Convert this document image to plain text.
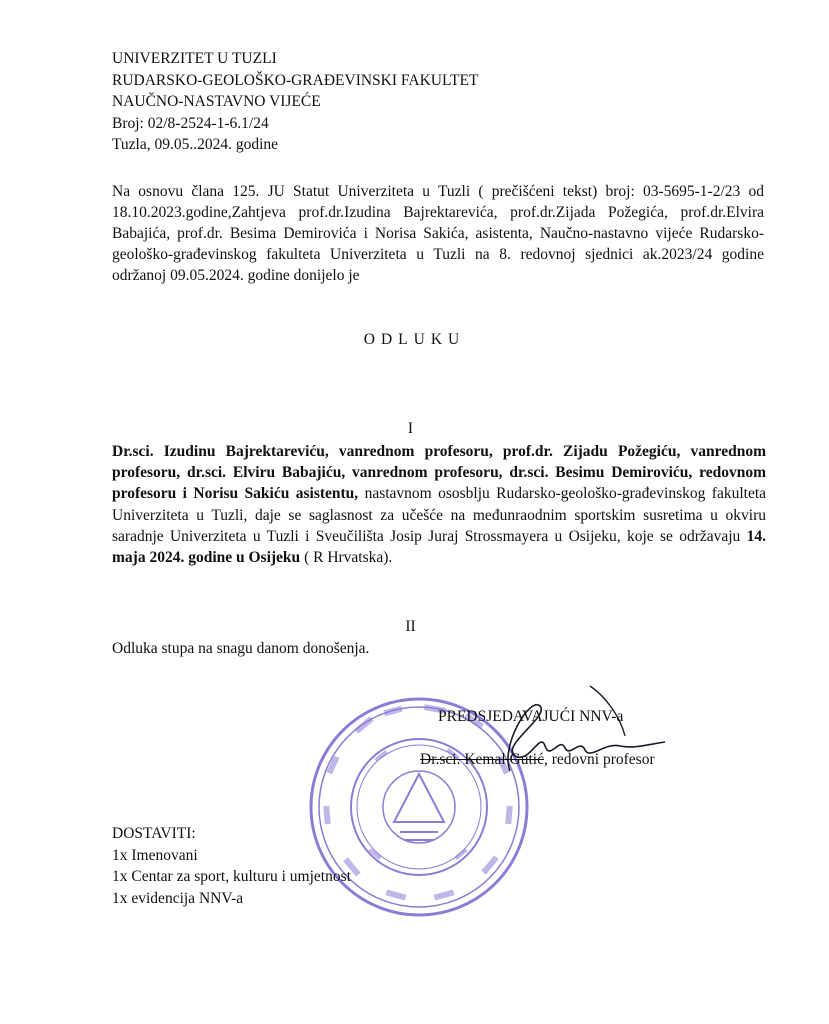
UNIVERZITET U TUZLI
RUDARSKO-GEOLOŠKO-GRAĐEVINSKI FAKULTET
NAUČNO-NASTAVNO VIJEĆE
Broj: 02/8-2524-1-6.1/24
Tuzla, 09.05..2024. godine

Na osnovu člana 125. JU Statut Univerziteta u Tuzli ( prečišćeni tekst) broj: 03-5695-1-2/23 od 18.10.2023.godine,Zahtjeva prof.dr.Izudina Bajrektarevića, prof.dr.Zijada Požegića, prof.dr.Elvira Babajića, prof.dr. Besima Demirovića i Norisa Sakića, asistenta, Naučno-nastavno vijeće Rudarsko-geološko-građevinskog fakulteta Univerziteta u Tuzli na 8. redovnoj sjednici ak.2023/24 godine održanoj 09.05.2024. godine donijelo je

ODLUKU
I

Dr.sci. Izudinu Bajrektareviću, vanrednom profesoru, prof.dr. Zijadu Požegiću, vanrednom profesoru, dr.sci. Elviru Babajiću, vanrednom profesoru, dr.sci. Besimu Demiroviću, redovnom profesoru i Norisu Sakiću asistentu, nastavnom ososblju Rudarsko-geološko-građevinskog fakulteta Univerziteta u Tuzli, daje se saglasnost za učešće na međunraodnim sportskim susretima u okviru saradnje Univerziteta u Tuzli i Sveučilišta Josip Juraj Strossmayera u Osijeku, koje se održavaju 14. maja 2024. godine u Osijeku ( R Hrvatska).

II
Odluka stupa na snagu danom donošenja.
PREDSJEDAVAJUĆI NNV-a
Dr.sci. Kemal Gutić, redovni profesor
DOSTAVITI:
1x Imenovani
1x Centar za sport, kulturu i umjetnost
1x evidencija NNV-a
